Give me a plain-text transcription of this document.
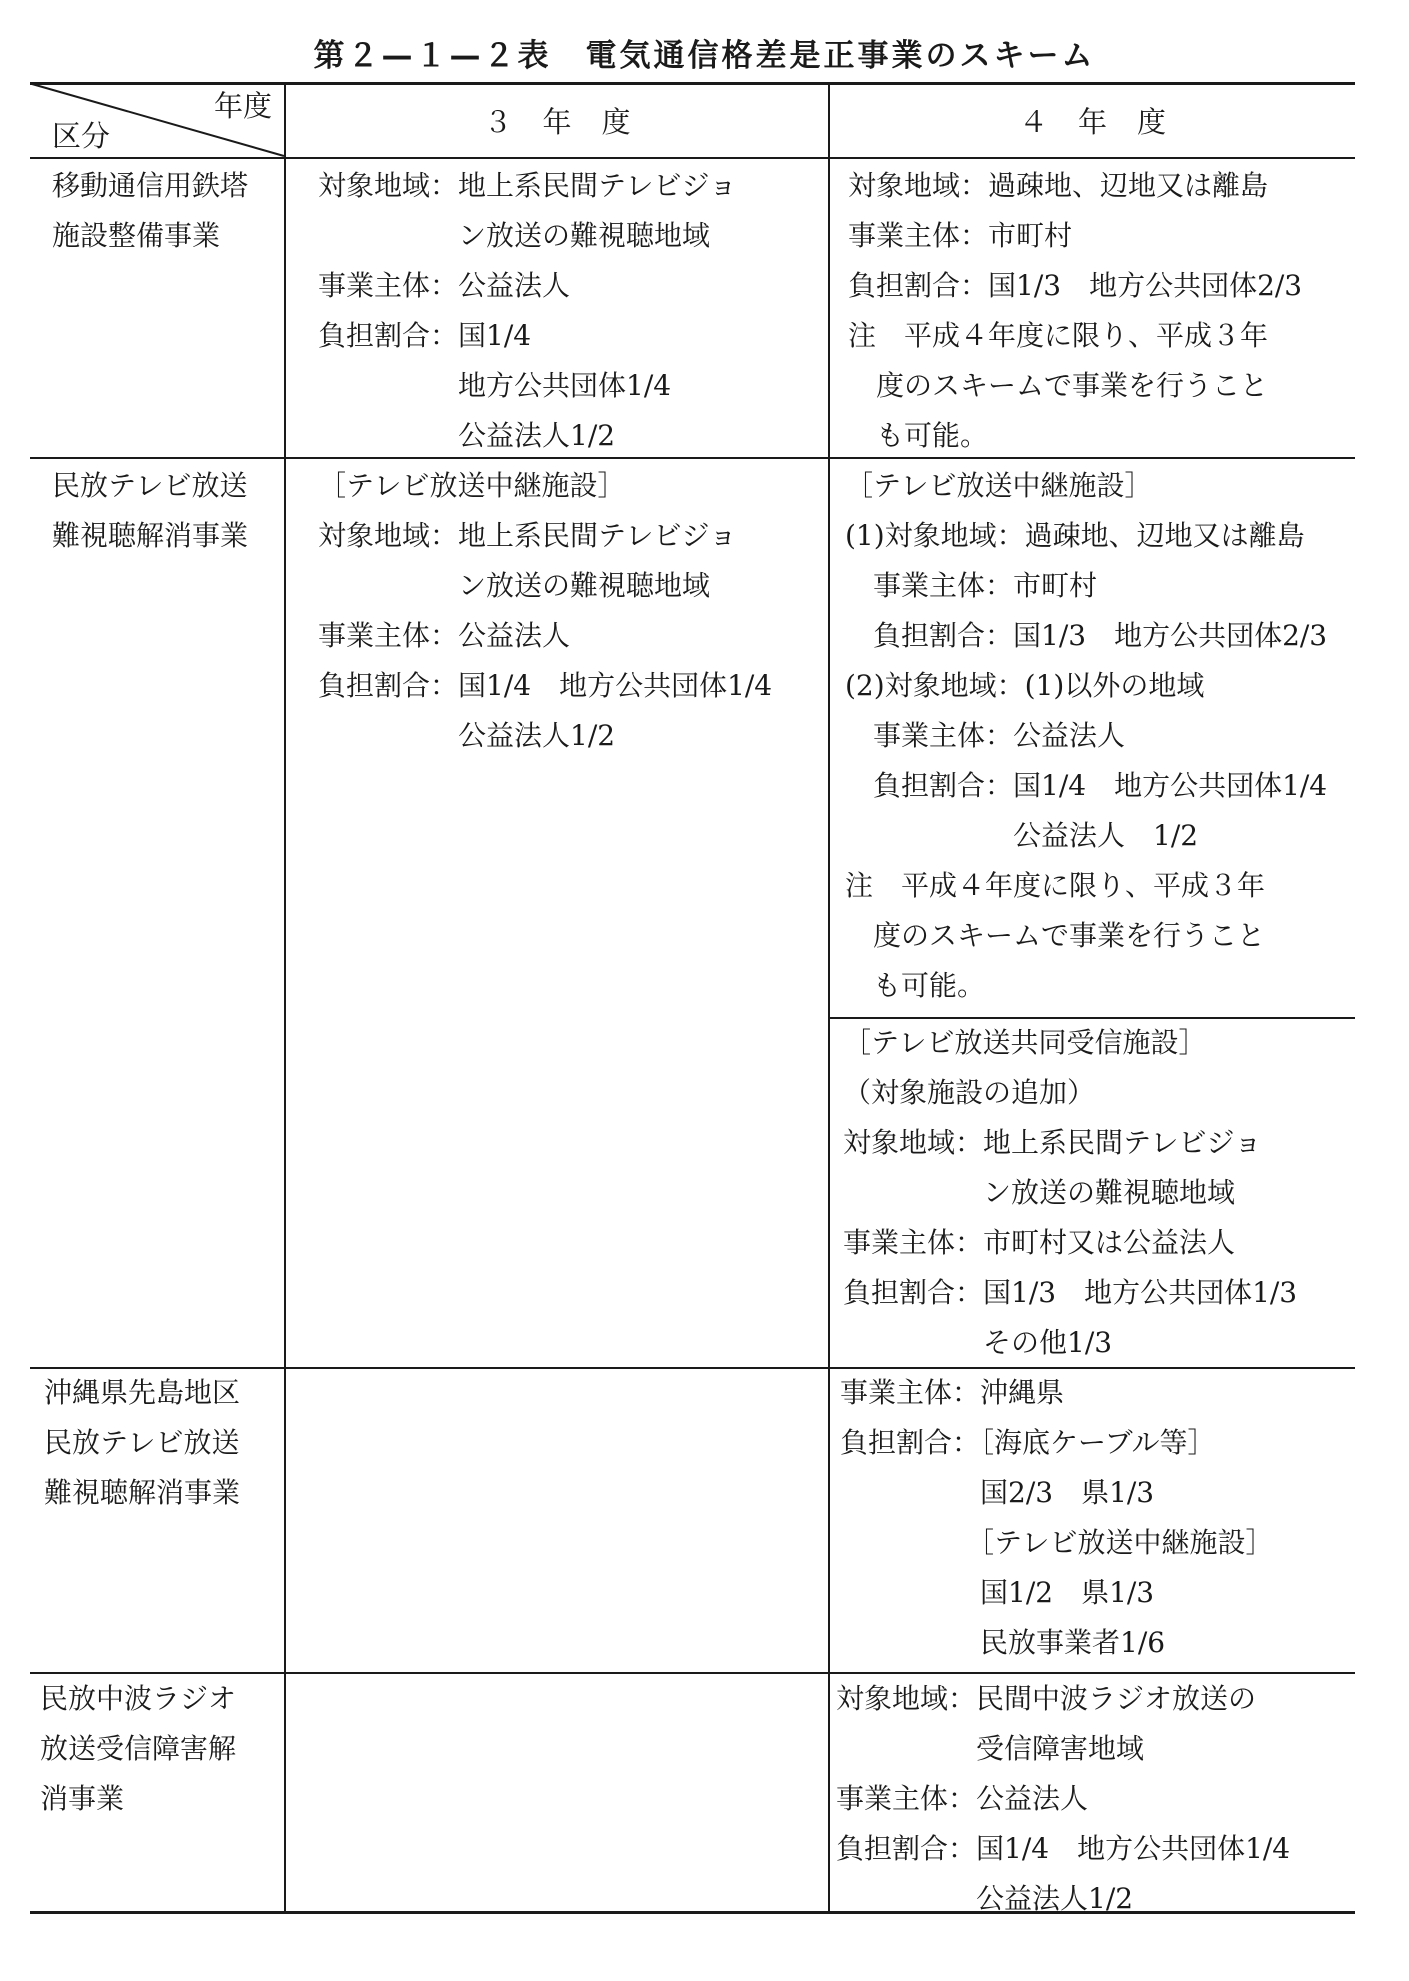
第２—１—２表　電気通信格差是正事業のスキーム
年度
区分	３年度	４年度
移動通信用鉄塔
施設整備事業
対象地域：地上系民間テレビジョ
　　　　　ン放送の難視聴地域
事業主体：公益法人
負担割合：国1/4
　　　　　地方公共団体1/4
　　　　　公益法人1/2
対象地域：過疎地、辺地又は離島
事業主体：市町村
負担割合：国1/3　地方公共団体2/3
注　平成４年度に限り、平成３年
　度のスキームで事業を行うこと
　も可能。
民放テレビ放送
難視聴解消事業
［テレビ放送中継施設］
対象地域：地上系民間テレビジョ
　　　　　ン放送の難視聴地域
事業主体：公益法人
負担割合：国1/4　地方公共団体1/4
　　　　　公益法人1/2
［テレビ放送中継施設］
(1)対象地域：過疎地、辺地又は離島
　事業主体：市町村
　負担割合：国1/3　地方公共団体2/3
(2)対象地域：(1)以外の地域
　事業主体：公益法人
　負担割合：国1/4　地方公共団体1/4
　　　　　　公益法人　1/2
注　平成４年度に限り、平成３年
　度のスキームで事業を行うこと
　も可能。
［テレビ放送共同受信施設］
（対象施設の追加）
対象地域：地上系民間テレビジョ
　　　　　ン放送の難視聴地域
事業主体：市町村又は公益法人
負担割合：国1/3　地方公共団体1/3
　　　　　その他1/3
沖縄県先島地区
民放テレビ放送
難視聴解消事業
事業主体：沖縄県
負担割合：［海底ケーブル等］
　　　　　国2/3　県1/3
　　　　　［テレビ放送中継施設］
　　　　　国1/2　県1/3
　　　　　民放事業者1/6
民放中波ラジオ
放送受信障害解
消事業
対象地域：民間中波ラジオ放送の
　　　　　受信障害地域
事業主体：公益法人
負担割合：国1/4　地方公共団体1/4
　　　　　公益法人1/2
